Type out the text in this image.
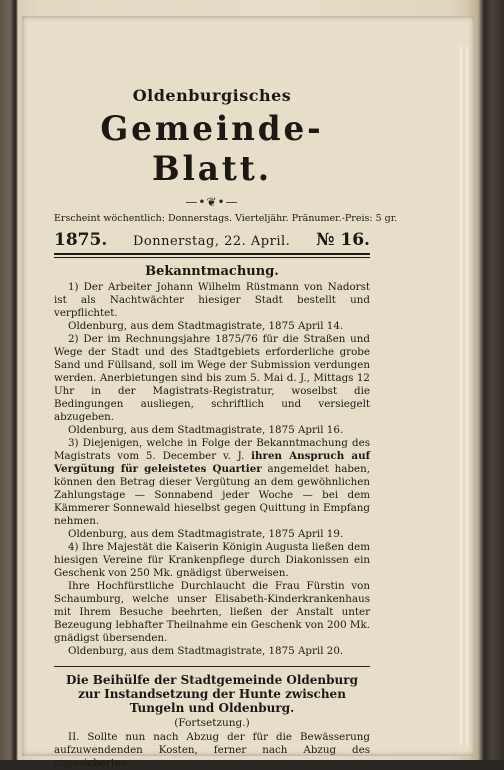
Oldenburgisches
Gemeinde-Blatt.
—•❦•—
Erscheint wöchentlich: Donnerstags. Vierteljähr. Pränumer.-Preis: 5 gr.
1875. Donnerstag, 22. April. № 16.
Bekanntmachung.

1) Der Arbeiter Johann Wilhelm Rüstmann von Nadorst ist als Nachtwächter hiesiger Stadt bestellt und verpflichtet.

Oldenburg, aus dem Stadtmagistrate, 1875 April 14.

2) Der im Rechnungsjahre 1875/76 für die Straßen und Wege der Stadt und des Stadtgebiets erforderliche grobe Sand und Füllsand, soll im Wege der Submission verdungen werden. Anerbietungen sind bis zum 5. Mai d. J., Mittags 12 Uhr in der Magistrats-Registratur, woselbst die Bedingungen ausliegen, schriftlich und versiegelt abzugeben.

Oldenburg, aus dem Stadtmagistrate, 1875 April 16.

3) Diejenigen, welche in Folge der Bekanntmachung des Magistrats vom 5. December v. J. ihren Anspruch auf Vergütung für geleistetes Quartier angemeldet haben, können den Betrag dieser Vergütung an dem gewöhnlichen Zahlungstage — Sonnabend jeder Woche — bei dem Kämmerer Sonnewald hieselbst gegen Quittung in Empfang nehmen.

Oldenburg, aus dem Stadtmagistrate, 1875 April 19.

4) Ihre Majestät die Kaiserin Königin Augusta ließen dem hiesigen Vereine für Krankenpflege durch Diakonissen ein Geschenk von 250 Mk. gnädigst überweisen.

Ihre Hochfürstliche Durchlaucht die Frau Fürstin von Schaumburg, welche unser Elisabeth-Kinderkrankenhaus mit Ihrem Besuche beehrten, ließen der Anstalt unter Bezeugung lebhafter Theilnahme ein Geschenk von 200 Mk. gnädigst übersenden.

Oldenburg, aus dem Stadtmagistrate, 1875 April 20.

Die Beihülfe der Stadtgemeinde Oldenburg zur Instandsetzung der Hunte zwischen Tungeln und Oldenburg.
(Fortsetzung.)

II. Sollte nun nach Abzug der für die Bewässerung aufzuwendenden Kosten, ferner nach Abzug des zugesicherten
